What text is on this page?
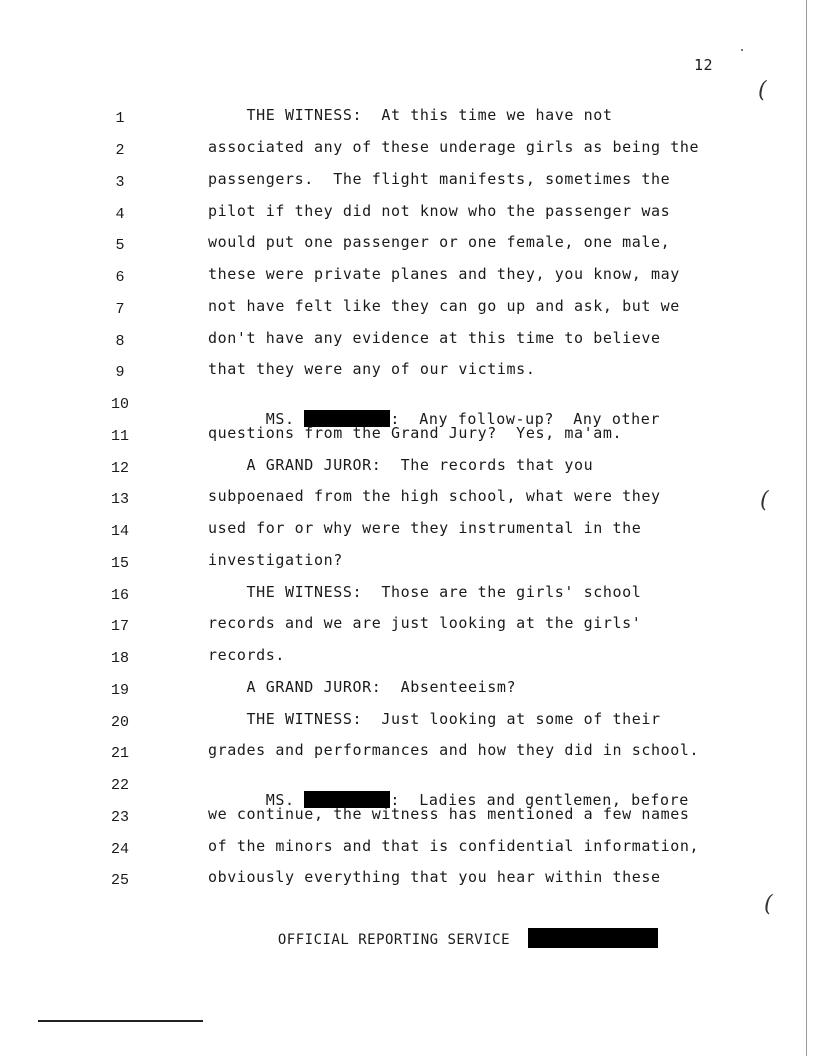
12
(
(
(
1
2
3
4
5
6
7
8
9
10
11
12
13
14
15
16
17
18
19
20
21
22
23
24
25
THE WITNESS:  At this time we have not
associated any of these underage girls as being the
passengers.  The flight manifests, sometimes the
pilot if they did not know who the passenger was
would put one passenger or one female, one male,
these were private planes and they, you know, may
not have felt like they can go up and ask, but we
don't have any evidence at this time to believe
that they were any of our victims.

MS.	:  Any follow-up?  Any other

questions from the Grand Jury?  Yes, ma'am.
A GRAND JUROR:  The records that you
subpoenaed from the high school, what were they
used for or why were they instrumental in the
investigation?
THE WITNESS:  Those are the girls' school
records and we are just looking at the girls'
records.
A GRAND JUROR:  Absenteeism?
THE WITNESS:  Just looking at some of their
grades and performances and how they did in school.

MS.	:  Ladies and gentlemen, before

we continue, the witness has mentioned a few names
of the minors and that is confidential information,
obviously everything that you hear within these

OFFICIAL REPORTING SERVICE
